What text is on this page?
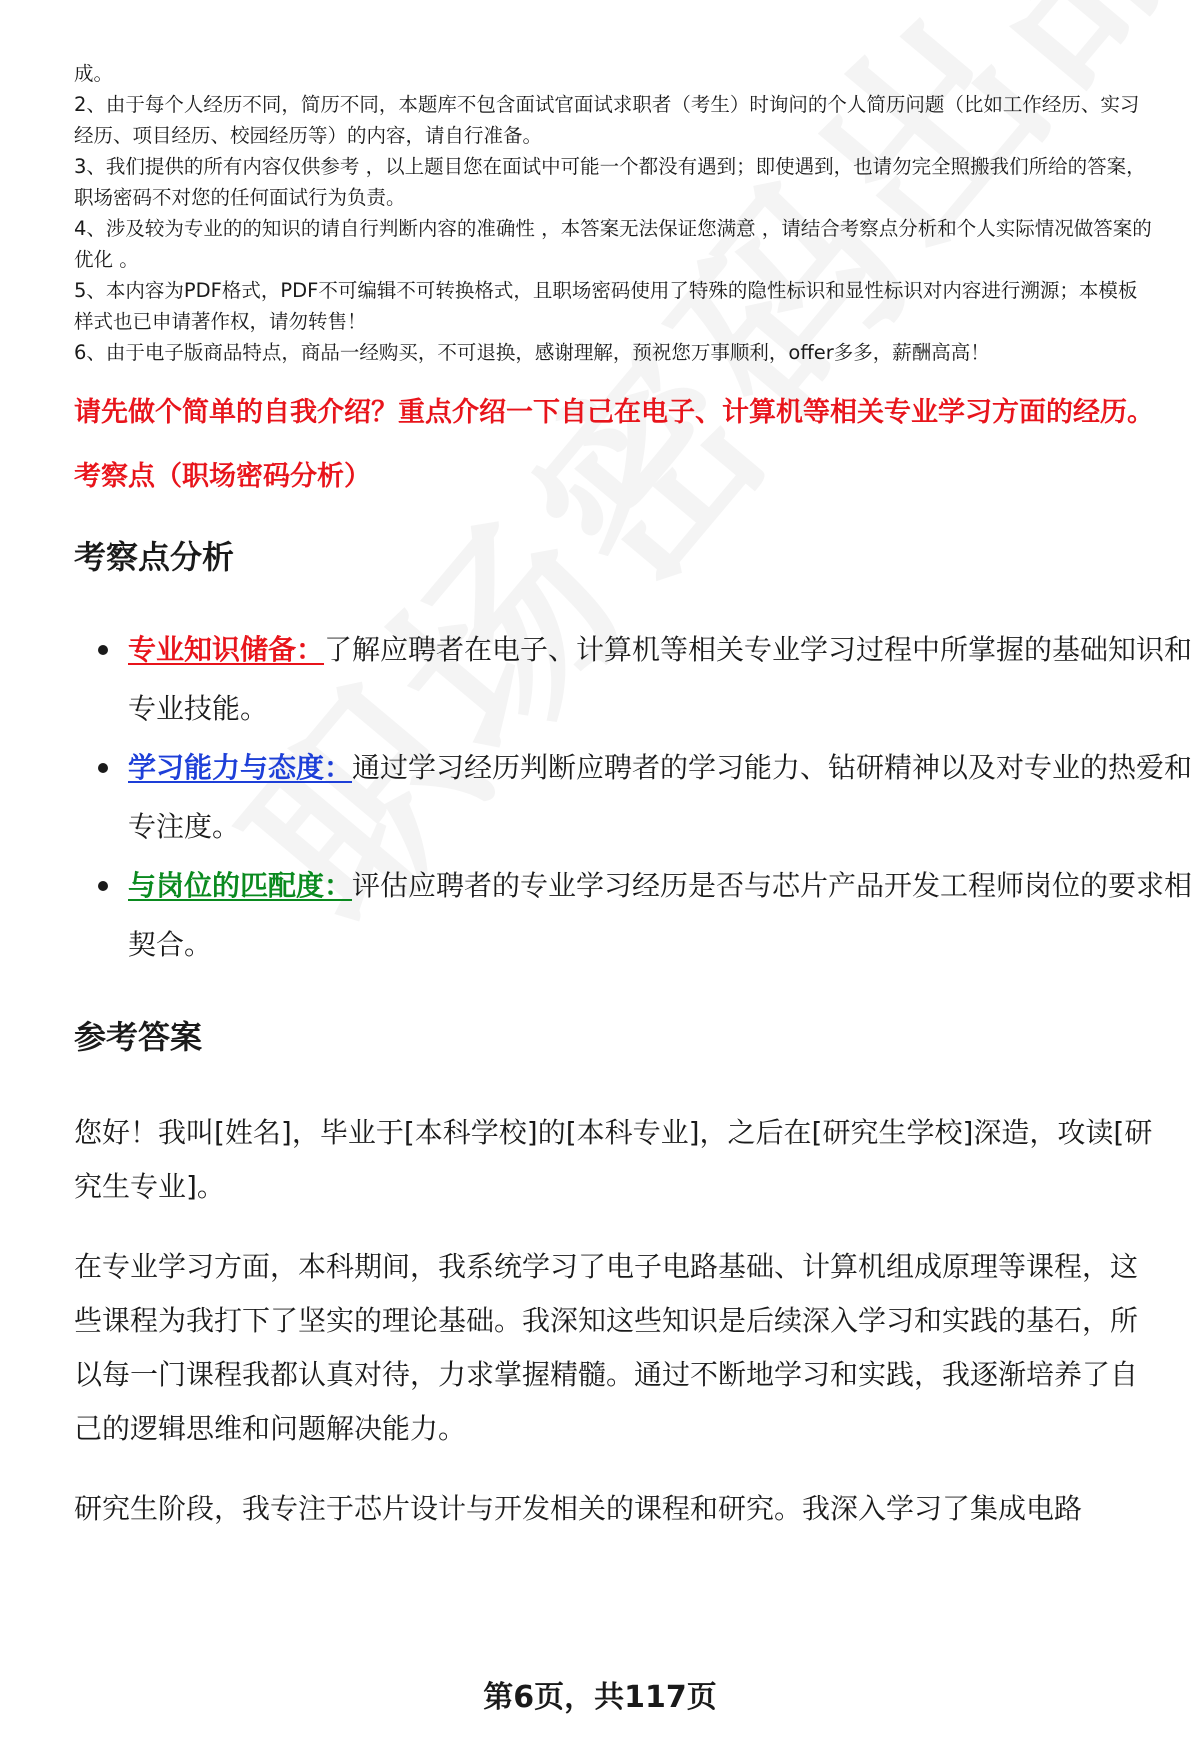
成。

2、由于每个人经历不同，简历不同，本题库不包含面试官面试求职者（考生）时询问的个人简历问题（比如工作经历、实习经历、项目经历、校园经历等）的内容，请自行准备。

3、我们提供的所有内容仅供参考 ，以上题目您在面试中可能一个都没有遇到；即使遇到，也请勿完全照搬我们所给的答案，职场密码不对您的任何面试行为负责。

4、涉及较为专业的的知识的请自行判断内容的准确性 ，本答案无法保证您满意 ，请结合考察点分析和个人实际情况做答案的优化 。

5、本内容为PDF格式，PDF不可编辑不可转换格式，且职场密码使用了特殊的隐性标识和显性标识对内容进行溯源；本模板样式也已申请著作权，请勿转售！

6、由于电子版商品特点，商品一经购买，不可退换，感谢理解，预祝您万事顺利，offer多多，薪酬高高！

请先做个简单的自我介绍？重点介绍一下自己在电子、计算机等相关专业学习方面的经历。
考察点（职场密码分析）
考察点分析
专业知识储备：了解应聘者在电子、计算机等相关专业学习过程中所掌握的基础知识和专业技能。
学习能力与态度：通过学习经历判断应聘者的学习能力、钻研精神以及对专业的热爱和专注度。
与岗位的匹配度：评估应聘者的专业学习经历是否与芯片产品开发工程师岗位的要求相契合。
参考答案

您好！我叫[姓名]，毕业于[本科学校]的[本科专业]，之后在[研究生学校]深造，攻读[研究生专业]。

在专业学习方面，本科期间，我系统学习了电子电路基础、计算机组成原理等课程，这些课程为我打下了坚实的理论基础。我深知这些知识是后续深入学习和实践的基石，所以每一门课程我都认真对待，力求掌握精髓。通过不断地学习和实践，我逐渐培养了自己的逻辑思维和问题解决能力。

研究生阶段，我专注于芯片设计与开发相关的课程和研究。我深入学习了集成电路

第6页，共117页
